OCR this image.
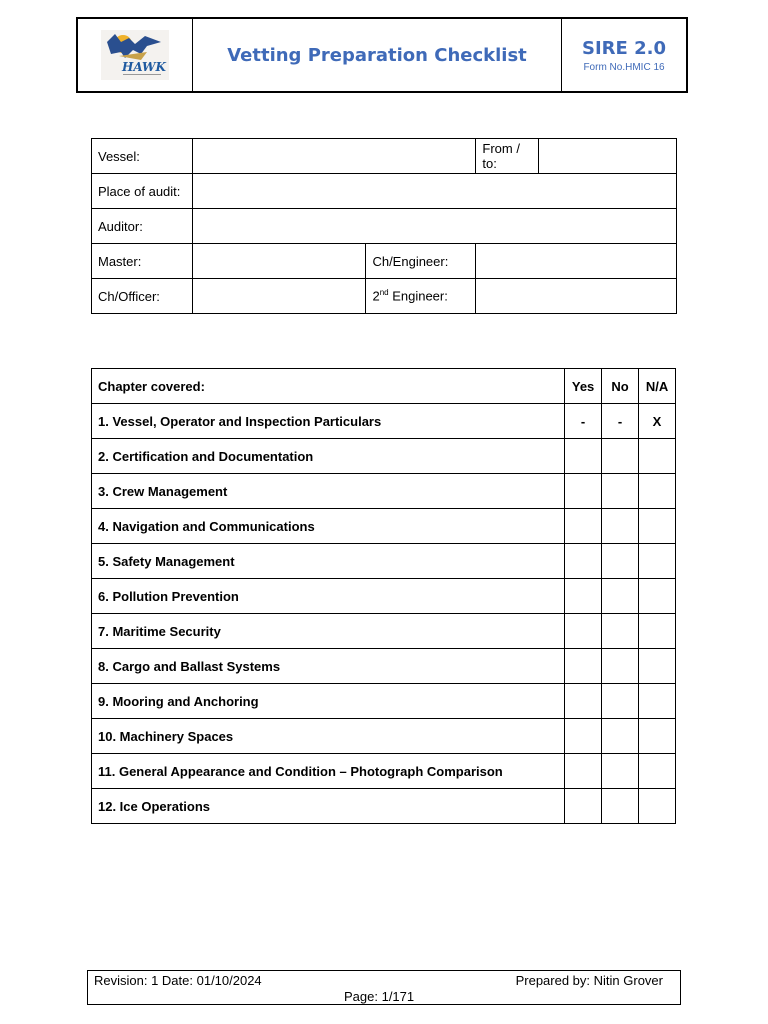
HAWK
Vetting Preparation Checklist	SIRE 2.0
Form No.HMIC 16
Vessel:			From / to:	
Place of audit:				
Auditor:				
Master:		Ch/Engineer:		
Ch/Officer:		2nd Engineer:		
Chapter covered:	Yes	No	N/A
1. Vessel, Operator and Inspection Particulars	-	-	X
2. Certification and Documentation			
3. Crew Management			
4. Navigation and Communications			
5. Safety Management			
6. Pollution Prevention			
7. Maritime Security			
8. Cargo and Ballast Systems			
9. Mooring and Anchoring			
10. Machinery Spaces			
11. General Appearance and Condition – Photograph Comparison			
12. Ice Operations			
Revision: 1 Date: 01/10/2024	Prepared by: Nitin Grover
Page: 1/171
